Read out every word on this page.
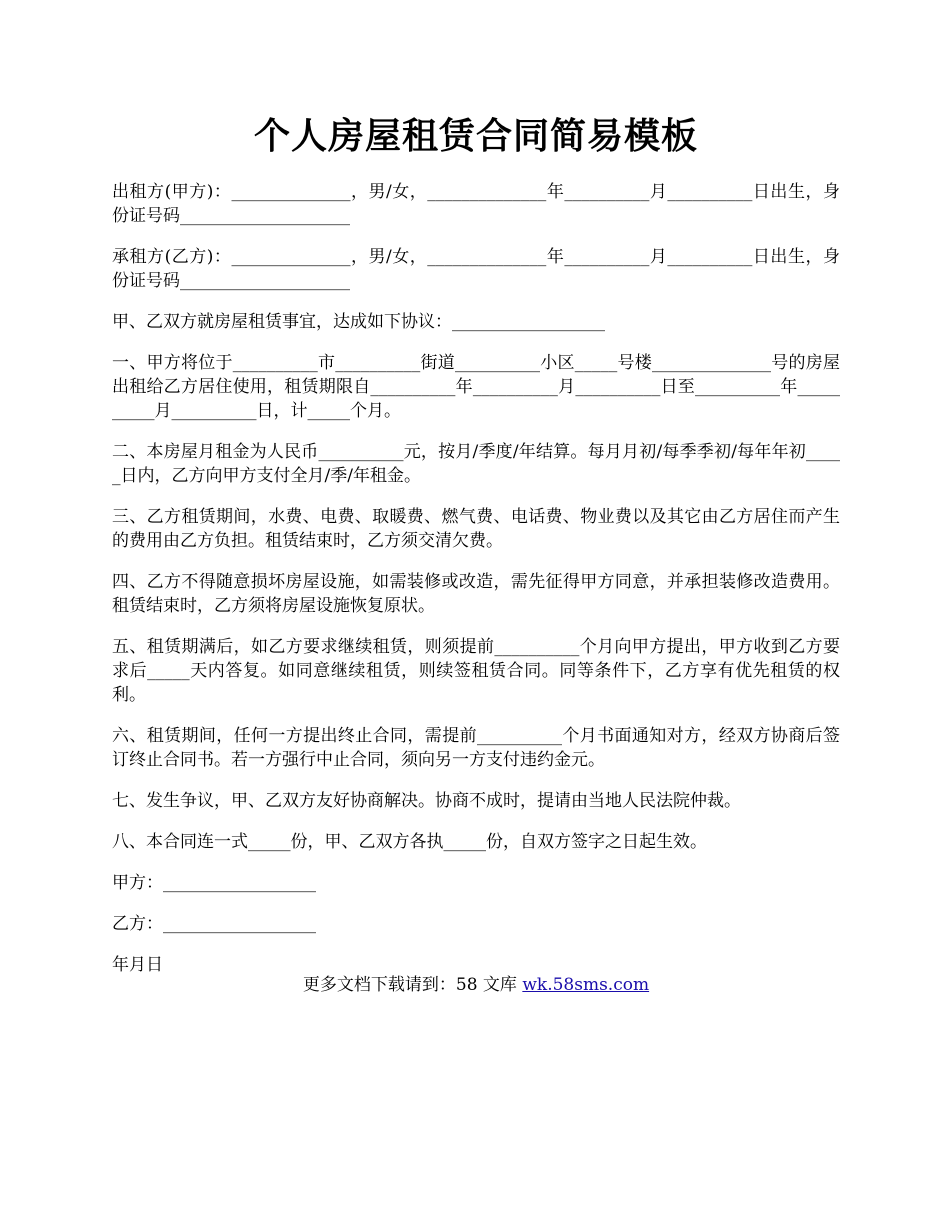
个人房屋租赁合同简易模板

出租方(甲方)：______________，男/女，______________年__________月__________日出生，身份证号码____________________

承租方(乙方)：______________，男/女，______________年__________月__________日出生，身份证号码____________________

甲、乙双方就房屋租赁事宜，达成如下协议：__________________

一、甲方将位于__________市__________街道__________小区_____号楼______________号的房屋出租给乙方居住使用，租赁期限自__________年__________月__________日至__________年__________月__________日，计_____个月。

二、本房屋月租金为人民币__________元，按月/季度/年结算。每月月初/每季季初/每年年初_____日内，乙方向甲方支付全月/季/年租金。

三、乙方租赁期间，水费、电费、取暖费、燃气费、电话费、物业费以及其它由乙方居住而产生的费用由乙方负担。租赁结束时，乙方须交清欠费。

四、乙方不得随意损坏房屋设施，如需装修或改造，需先征得甲方同意，并承担装修改造费用。租赁结束时，乙方须将房屋设施恢复原状。

五、租赁期满后，如乙方要求继续租赁，则须提前__________个月向甲方提出，甲方收到乙方要求后_____天内答复。如同意继续租赁，则续签租赁合同。同等条件下，乙方享有优先租赁的权利。

六、租赁期间，任何一方提出终止合同，需提前__________个月书面通知对方，经双方协商后签订终止合同书。若一方强行中止合同，须向另一方支付违约金元。

七、发生争议，甲、乙双方友好协商解决。协商不成时，提请由当地人民法院仲裁。

八、本合同连一式_____份，甲、乙双方各执_____份，自双方签字之日起生效。

甲方：__________________

乙方：__________________

年月日

更多文档下载请到：58 文库 wk.58sms.com
